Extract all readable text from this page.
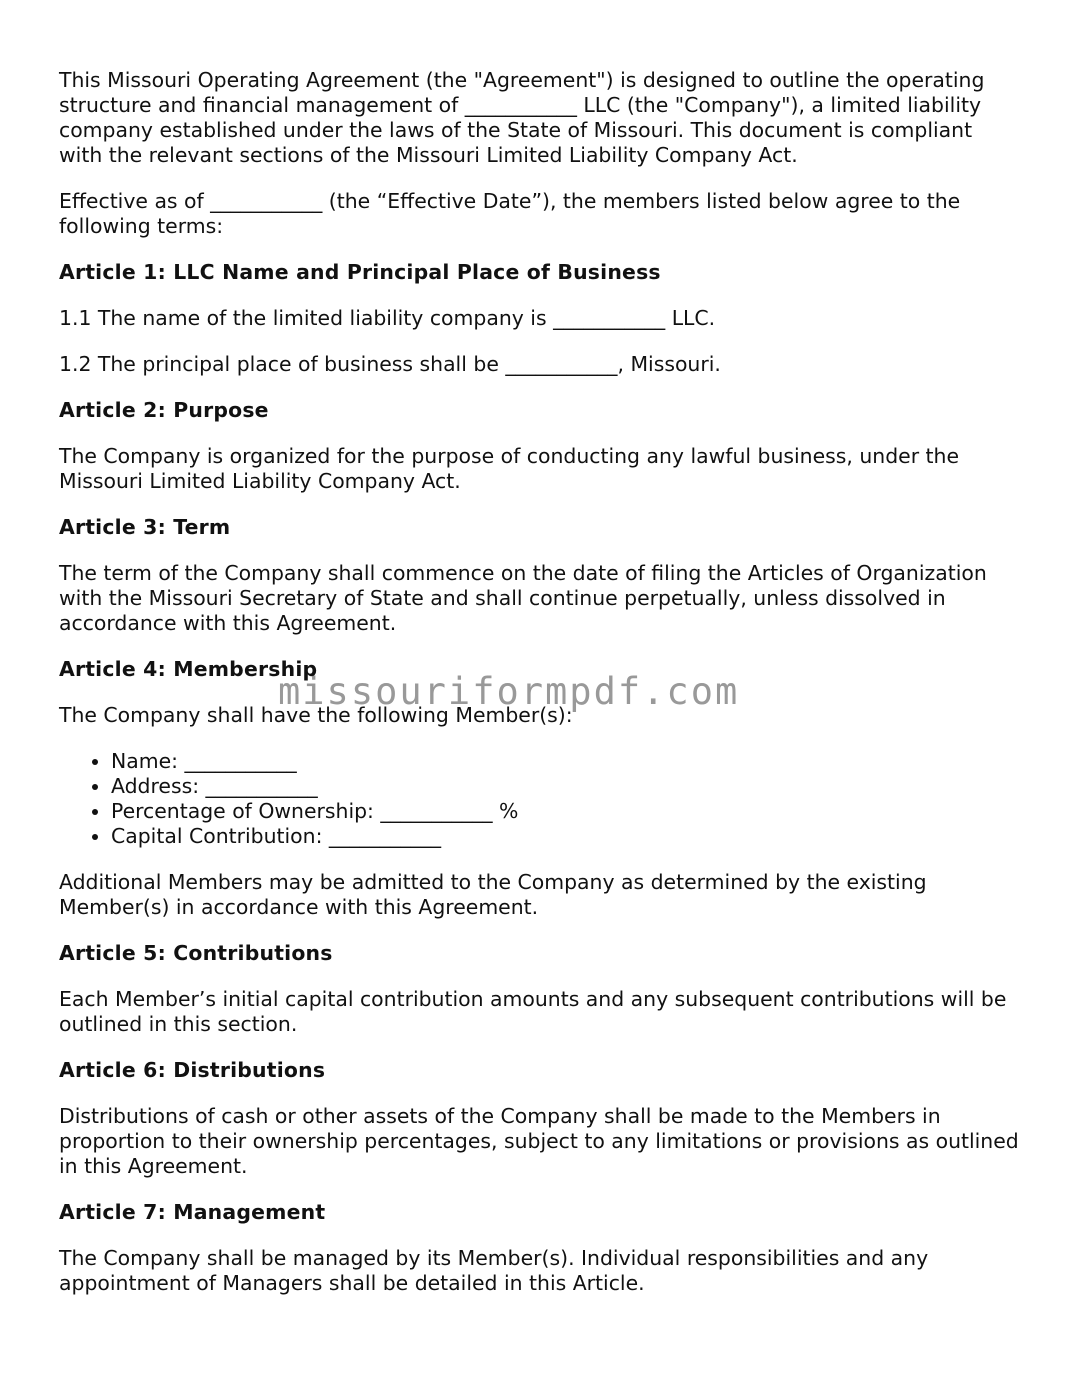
This Missouri Operating Agreement (the "Agreement") is designed to outline the operating structure and financial management of ___________ LLC (the "Company"), a limited liability company established under the laws of the State of Missouri. This document is compliant with the relevant sections of the Missouri Limited Liability Company Act.

Effective as of ___________ (the “Effective Date”), the members listed below agree to the following terms:

Article 1: LLC Name and Principal Place of Business

1.1 The name of the limited liability company is ___________ LLC.

1.2 The principal place of business shall be ___________, Missouri.

Article 2: Purpose

The Company is organized for the purpose of conducting any lawful business, under the Missouri Limited Liability Company Act.

Article 3: Term

The term of the Company shall commence on the date of filing the Articles of Organization with the Missouri Secretary of State and shall continue perpetually, unless dissolved in accordance with this Agreement.

Article 4: Membership

The Company shall have the following Member(s):

• Name: ___________
• Address: ___________
• Percentage of Ownership: ___________ %
• Capital Contribution: ___________

Additional Members may be admitted to the Company as determined by the existing Member(s) in accordance with this Agreement.

Article 5: Contributions

Each Member’s initial capital contribution amounts and any subsequent contributions will be outlined in this section.

Article 6: Distributions

Distributions of cash or other assets of the Company shall be made to the Members in proportion to their ownership percentages, subject to any limitations or provisions as outlined in this Agreement.

Article 7: Management

The Company shall be managed by its Member(s). Individual responsibilities and any appointment of Managers shall be detailed in this Article.

missouriformpdf.com
